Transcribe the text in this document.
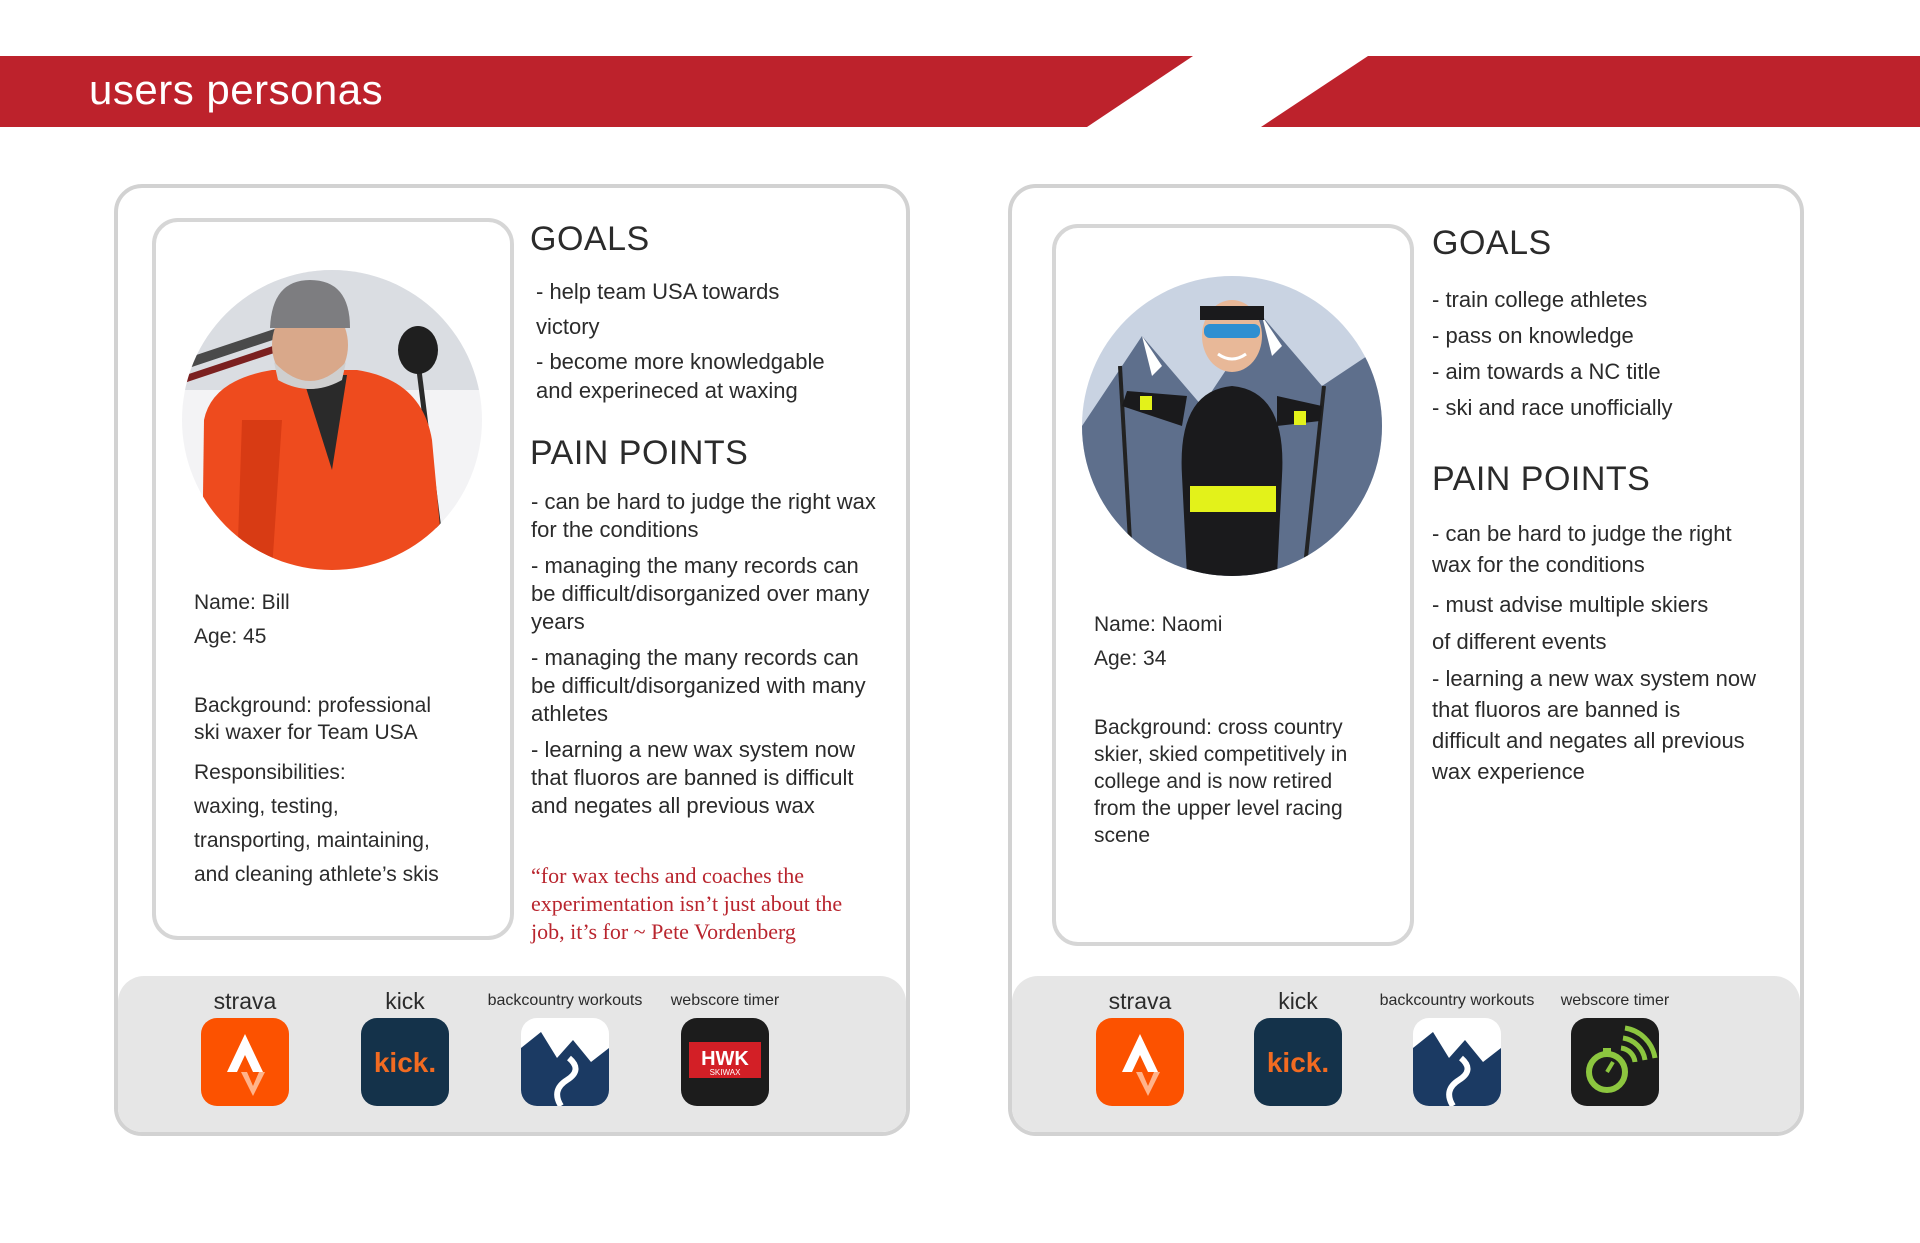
users personas

Name: Bill

Age: 45

Background: professional
ski waxer for Team USA

Responsibilities:

waxing, testing,
transporting, maintaining,
and cleaning athlete’s skis

GOALS

- help team USA towards
victory

- become more knowledgable
and experineced at waxing

PAIN POINTS

- can be hard to judge the right wax
for the conditions

- managing the many records can
be difficult/disorganized over many
years

- managing the many records can
be difficult/disorganized with many
athletes

- learning a new wax system now
that fluoros are banned is difficult
and negates all previous wax

“for wax techs and coaches the
experimentation isn’t just about the
job, it’s for ~ Pete Vordenberg

strava	kick
kick.
backcountry workouts	webscore timer
HWK
SKIWAX

Name: Naomi

Age: 34

Background: cross country
skier, skied competitively in
college and is now retired
from the upper level racing
scene

GOALS

- train college athletes

- pass on knowledge

- aim towards a NC title

- ski and race unofficially

PAIN POINTS

- can be hard to judge the right
wax for the conditions

- must advise multiple skiers
of different events

- learning a new wax system now
that fluoros are banned is
difficult and negates all previous
wax experience

strava	kick
kick.
backcountry workouts	webscore timer
